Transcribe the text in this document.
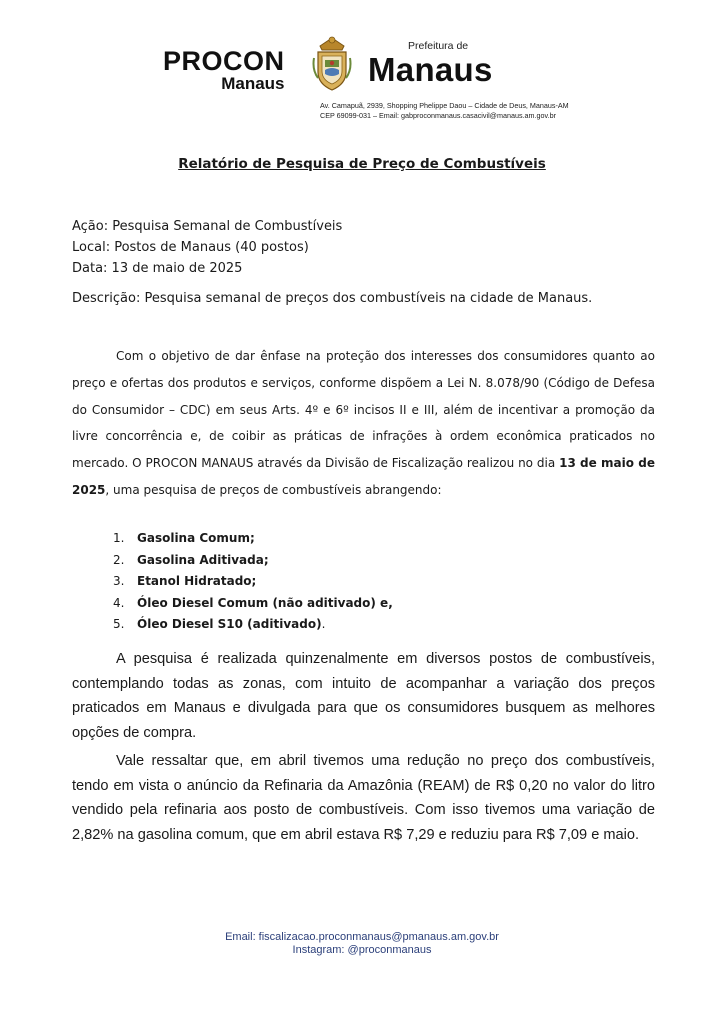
PROCON
Manaus
Prefeitura de
Manaus
Av. Camapuã, 2939, Shopping Phelippe Daou – Cidade de Deus, Manaus-AM
CEP 69099-031 – Email: gabproconmanaus.casacivil@manaus.am.gov.br
Relatório de Pesquisa de Preço de Combustíveis
Ação: Pesquisa Semanal de Combustíveis
Local: Postos de Manaus (40 postos)
Data: 13 de maio de 2025
Descrição: Pesquisa semanal de preços dos combustíveis na cidade de Manaus.

Com o objetivo de dar ênfase na proteção dos interesses dos consumidores quanto ao preço e ofertas dos produtos e serviços, conforme dispõem a Lei N. 8.078/90 (Código de Defesa do Consumidor – CDC) em seus Arts. 4º e 6º incisos II e III, além de incentivar a promoção da livre concorrência e, de coibir as práticas de infrações à ordem econômica praticados no mercado. O PROCON MANAUS através da Divisão de Fiscalização realizou no dia 13 de maio de 2025, uma pesquisa de preços de combustíveis abrangendo:

1.	Gasolina Comum;
2.	Gasolina Aditivada;
3.	Etanol Hidratado;
4.	Óleo Diesel Comum (não aditivado) e,
5.	Óleo Diesel S10 (aditivado) .

A pesquisa é realizada quinzenalmente em diversos postos de combustíveis, contemplando todas as zonas, com intuito de acompanhar a variação dos preços praticados em Manaus e divulgada para que os consumidores busquem as melhores opções de compra.

Vale ressaltar que, em abril tivemos uma redução no preço dos combustíveis, tendo em vista o anúncio da Refinaria da Amazônia (REAM) de R$ 0,20 no valor do litro vendido pela refinaria aos posto de combustíveis. Com isso tivemos uma variação de 2,82% na gasolina comum, que em abril estava R$ 7,29 e reduziu para R$ 7,09 e maio.

Email: fiscalizacao.proconmanaus@pmanaus.am.gov.br
Instagram: @proconmanaus
